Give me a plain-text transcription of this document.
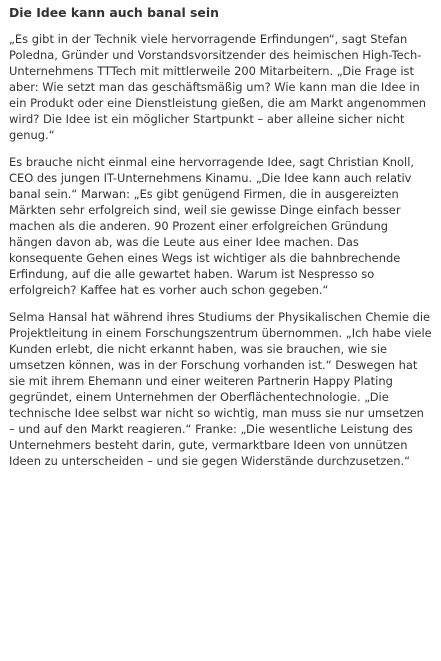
Die Idee kann auch banal sein

„Es gibt in der Technik viele hervorragende Erfindungen“, sagt Stefan Poledna, Gründer und Vorstandsvorsitzender des heimischen High-Tech-Unternehmens TTTech mit mittlerweile 200 Mitarbeitern. „Die Frage ist aber: Wie setzt man das geschäftsmäßig um? Wie kann man die Idee in ein Produkt oder eine Dienstleistung gießen, die am Markt angenommen wird? Die Idee ist ein möglicher Startpunkt – aber alleine sicher nicht genug.“

Es brauche nicht einmal eine hervorragende Idee, sagt Christian Knoll, CEO des jungen IT-Unternehmens Kinamu. „Die Idee kann auch relativ banal sein.“ Marwan: „Es gibt genügend Firmen, die in ausgereizten Märkten sehr erfolgreich sind, weil sie gewisse Dinge einfach besser machen als die anderen. 90 Prozent einer erfolgreichen Gründung hängen davon ab, was die Leute aus einer Idee machen. Das konsequente Gehen eines Wegs ist wichtiger als die bahnbrechende Erfindung, auf die alle gewartet haben. Warum ist Nespresso so erfolgreich? Kaffee hat es vorher auch schon gegeben.“

Selma Hansal hat während ihres Studiums der Physikalischen Chemie die Projektleitung in einem Forschungszentrum übernommen. „Ich habe viele Kunden erlebt, die nicht erkannt haben, was sie brauchen, wie sie umsetzen können, was in der Forschung vorhanden ist.“ Deswegen hat sie mit ihrem Ehemann und einer weiteren Partnerin Happy Plating gegründet, einem Unternehmen der Oberflächentechnologie. „Die technische Idee selbst war nicht so wichtig, man muss sie nur umsetzen – und auf den Markt reagieren.“ Franke: „Die wesentliche Leistung des Unternehmers besteht darin, gute, vermarktbare Ideen von unnützen Ideen zu unterscheiden – und sie gegen Widerstände durchzusetzen.“
